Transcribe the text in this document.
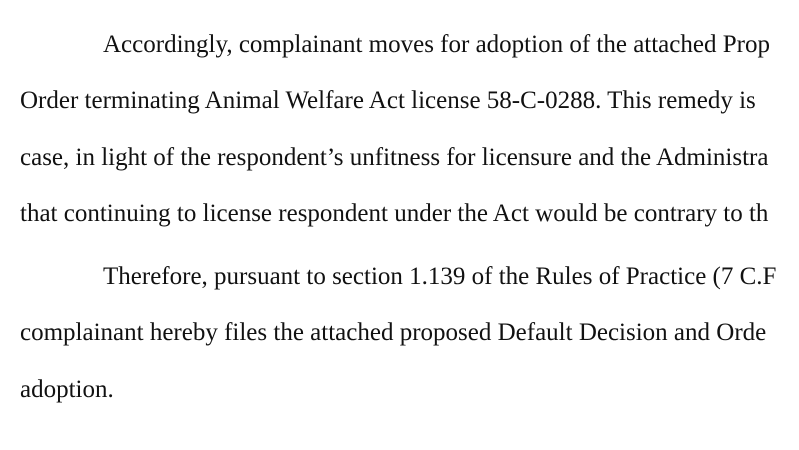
Accordingly, complainant moves for adoption of the attached Prop
Order terminating Animal Welfare Act license 58-C-0288. This remedy is
case, in light of the respondent’s unfitness for licensure and the Administra
that continuing to license respondent under the Act would be contrary to th
Therefore, pursuant to section 1.139 of the Rules of Practice (7 C.F
complainant hereby files the attached proposed Default Decision and Orde
adoption.
